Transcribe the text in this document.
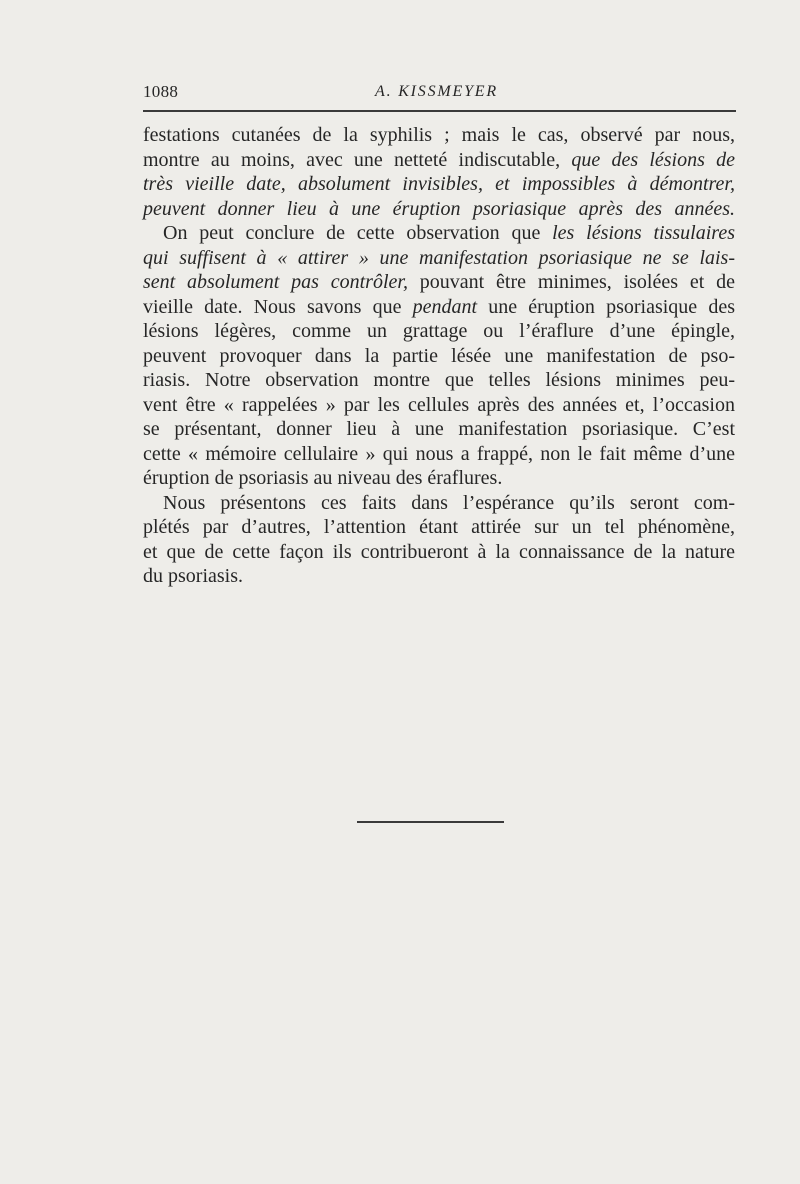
1088	A. KISSMEYER
festations cutanées de la syphilis ; mais le cas, observé par nous,
montre au moins, avec une netteté indiscutable, que des lésions de
très vieille date, absolument invisibles, et impossibles à démontrer,
peuvent donner lieu à une éruption psoriasique après des années.
On peut conclure de cette observation que les lésions tissulaires
qui suffisent à « attirer » une manifestation psoriasique ne se lais-
sent absolument pas contrôler, pouvant être minimes, isolées et de
vieille date. Nous savons que pendant une éruption psoriasique des
lésions légères, comme un grattage ou l’éraflure d’une épingle,
peuvent provoquer dans la partie lésée une manifestation de pso-
riasis. Notre observation montre que telles lésions minimes peu-
vent être « rappelées » par les cellules après des années et, l’occasion
se présentant, donner lieu à une manifestation psoriasique. C’est
cette « mémoire cellulaire » qui nous a frappé, non le fait même d’une
éruption de psoriasis au niveau des éraflures.
Nous présentons ces faits dans l’espérance qu’ils seront com-
plétés par d’autres, l’attention étant attirée sur un tel phénomène,
et que de cette façon ils contribueront à la connaissance de la nature
du psoriasis.
